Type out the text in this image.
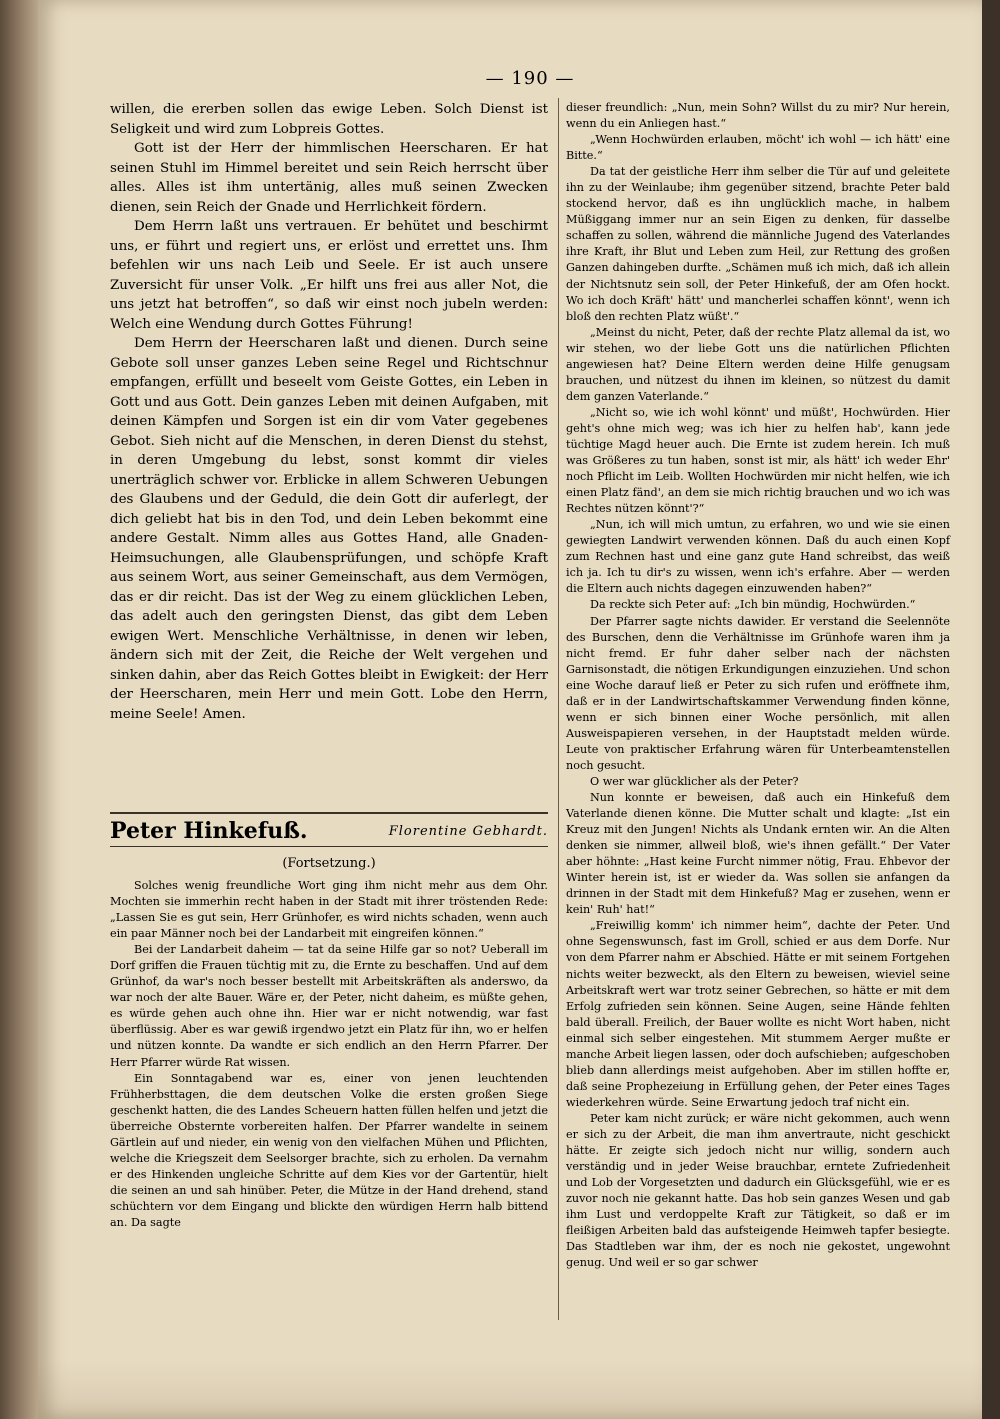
— 190 —

willen, die ererben sollen das ewige Leben. Solch Dienst ist Seligkeit und wird zum Lobpreis Gottes.

Gott ist der Herr der himmlischen Heerscharen. Er hat seinen Stuhl im Himmel bereitet und sein Reich herrscht über alles. Alles ist ihm untertänig, alles muß seinen Zwecken dienen, sein Reich der Gnade und Herrlichkeit fördern.

Dem Herrn laßt uns vertrauen. Er behütet und beschirmt uns, er führt und regiert uns, er erlöst und errettet uns. Ihm befehlen wir uns nach Leib und Seele. Er ist auch unsere Zuversicht für unser Volk. „Er hilft uns frei aus aller Not, die uns jetzt hat betroffen“, so daß wir einst noch jubeln werden: Welch eine Wendung durch Gottes Führung!

Dem Herrn der Heerscharen laßt und dienen. Durch seine Gebote soll unser ganzes Leben seine Regel und Richtschnur empfangen, erfüllt und beseelt vom Geiste Gottes, ein Leben in Gott und aus Gott. Dein ganzes Leben mit deinen Aufgaben, mit deinen Kämpfen und Sorgen ist ein dir vom Vater gegebenes Gebot. Sieh nicht auf die Menschen, in deren Dienst du stehst, in deren Umgebung du lebst, sonst kommt dir vieles unerträglich schwer vor. Erblicke in allem Schweren Uebungen des Glaubens und der Geduld, die dein Gott dir auferlegt, der dich geliebt hat bis in den Tod, und dein Leben bekommt eine andere Gestalt. Nimm alles aus Gottes Hand, alle Gnaden-Heimsuchungen, alle Glaubensprüfungen, und schöpfe Kraft aus seinem Wort, aus seiner Gemeinschaft, aus dem Vermögen, das er dir reicht. Das ist der Weg zu einem glücklichen Leben, das adelt auch den geringsten Dienst, das gibt dem Leben ewigen Wert. Menschliche Verhältnisse, in denen wir leben, ändern sich mit der Zeit, die Reiche der Welt vergehen und sinken dahin, aber das Reich Gottes bleibt in Ewigkeit: der Herr der Heerscharen, mein Herr und mein Gott. Lobe den Herrn, meine Seele! Amen.

Peter Hinkefuß.	Florentine Gebhardt.
(Fortsetzung.)

Solches wenig freundliche Wort ging ihm nicht mehr aus dem Ohr. Mochten sie immerhin recht haben in der Stadt mit ihrer tröstenden Rede: „Lassen Sie es gut sein, Herr Grünhofer, es wird nichts schaden, wenn auch ein paar Männer noch bei der Landarbeit mit eingreifen können.“

Bei der Landarbeit daheim — tat da seine Hilfe gar so not? Ueberall im Dorf griffen die Frauen tüchtig mit zu, die Ernte zu beschaffen. Und auf dem Grünhof, da war's noch besser bestellt mit Arbeitskräften als anderswo, da war noch der alte Bauer. Wäre er, der Peter, nicht daheim, es müßte gehen, es würde gehen auch ohne ihn. Hier war er nicht notwendig, war fast überflüssig. Aber es war gewiß irgendwo jetzt ein Platz für ihn, wo er helfen und nützen konnte. Da wandte er sich endlich an den Herrn Pfarrer. Der Herr Pfarrer würde Rat wissen.

Ein Sonntagabend war es, einer von jenen leuchtenden Frühherbsttagen, die dem deutschen Volke die ersten großen Siege geschenkt hatten, die des Landes Scheuern hatten füllen helfen und jetzt die überreiche Obsternte vorbereiten halfen. Der Pfarrer wandelte in seinem Gärtlein auf und nieder, ein wenig von den vielfachen Mühen und Pflichten, welche die Kriegszeit dem Seelsorger brachte, sich zu erholen. Da vernahm er des Hinkenden ungleiche Schritte auf dem Kies vor der Gartentür, hielt die seinen an und sah hinüber. Peter, die Mütze in der Hand drehend, stand schüchtern vor dem Eingang und blickte den würdigen Herrn halb bittend an. Da sagte

dieser freundlich: „Nun, mein Sohn? Willst du zu mir? Nur herein, wenn du ein Anliegen hast.“

„Wenn Hochwürden erlauben, möcht' ich wohl — ich hätt' eine Bitte.“

Da tat der geistliche Herr ihm selber die Tür auf und geleitete ihn zu der Weinlaube; ihm gegenüber sitzend, brachte Peter bald stockend hervor, daß es ihn unglücklich mache, in halbem Müßiggang immer nur an sein Eigen zu denken, für dasselbe schaffen zu sollen, während die männliche Jugend des Vaterlandes ihre Kraft, ihr Blut und Leben zum Heil, zur Rettung des großen Ganzen dahingeben durfte. „Schämen muß ich mich, daß ich allein der Nichtsnutz sein soll, der Peter Hinkefuß, der am Ofen hockt. Wo ich doch Kräft' hätt' und mancherlei schaffen könnt', wenn ich bloß den rechten Platz wüßt'.“

„Meinst du nicht, Peter, daß der rechte Platz allemal da ist, wo wir stehen, wo der liebe Gott uns die natürlichen Pflichten angewiesen hat? Deine Eltern werden deine Hilfe genugsam brauchen, und nützest du ihnen im kleinen, so nützest du damit dem ganzen Vaterlande.“

„Nicht so, wie ich wohl könnt' und müßt', Hochwürden. Hier geht's ohne mich weg; was ich hier zu helfen hab', kann jede tüchtige Magd heuer auch. Die Ernte ist zudem herein. Ich muß was Größeres zu tun haben, sonst ist mir, als hätt' ich weder Ehr' noch Pflicht im Leib. Wollten Hochwürden mir nicht helfen, wie ich einen Platz fänd', an dem sie mich richtig brauchen und wo ich was Rechtes nützen könnt'?“

„Nun, ich will mich umtun, zu erfahren, wo und wie sie einen gewiegten Landwirt verwenden können. Daß du auch einen Kopf zum Rechnen hast und eine ganz gute Hand schreibst, das weiß ich ja. Ich tu dir's zu wissen, wenn ich's erfahre. Aber — werden die Eltern auch nichts dagegen einzuwenden haben?“

Da reckte sich Peter auf: „Ich bin mündig, Hochwürden.“

Der Pfarrer sagte nichts dawider. Er verstand die Seelennöte des Burschen, denn die Verhältnisse im Grünhofe waren ihm ja nicht fremd. Er fuhr daher selber nach der nächsten Garnisonstadt, die nötigen Erkundigungen einzuziehen. Und schon eine Woche darauf ließ er Peter zu sich rufen und eröffnete ihm, daß er in der Landwirtschaftskammer Verwendung finden könne, wenn er sich binnen einer Woche persönlich, mit allen Ausweispapieren versehen, in der Hauptstadt melden würde. Leute von praktischer Erfahrung wären für Unterbeamtenstellen noch gesucht.

O wer war glücklicher als der Peter?

Nun konnte er beweisen, daß auch ein Hinkefuß dem Vaterlande dienen könne. Die Mutter schalt und klagte: „Ist ein Kreuz mit den Jungen! Nichts als Undank ernten wir. An die Alten denken sie nimmer, allweil bloß, wie's ihnen gefällt.“ Der Vater aber höhnte: „Hast keine Furcht nimmer nötig, Frau. Ehbevor der Winter herein ist, ist er wieder da. Was sollen sie anfangen da drinnen in der Stadt mit dem Hinkefuß? Mag er zusehen, wenn er kein' Ruh' hat!“

„Freiwillig komm' ich nimmer heim“, dachte der Peter. Und ohne Segenswunsch, fast im Groll, schied er aus dem Dorfe. Nur von dem Pfarrer nahm er Abschied. Hätte er mit seinem Fortgehen nichts weiter bezweckt, als den Eltern zu beweisen, wieviel seine Arbeitskraft wert war trotz seiner Gebrechen, so hätte er mit dem Erfolg zufrieden sein können. Seine Augen, seine Hände fehlten bald überall. Freilich, der Bauer wollte es nicht Wort haben, nicht einmal sich selber eingestehen. Mit stummem Aerger mußte er manche Arbeit liegen lassen, oder doch aufschieben; aufgeschoben blieb dann allerdings meist aufgehoben. Aber im stillen hoffte er, daß seine Prophezeiung in Erfüllung gehen, der Peter eines Tages wiederkehren würde. Seine Erwartung jedoch traf nicht ein.

Peter kam nicht zurück; er wäre nicht gekommen, auch wenn er sich zu der Arbeit, die man ihm anvertraute, nicht geschickt hätte. Er zeigte sich jedoch nicht nur willig, sondern auch verständig und in jeder Weise brauchbar, erntete Zufriedenheit und Lob der Vorgesetzten und dadurch ein Glücksgefühl, wie er es zuvor noch nie gekannt hatte. Das hob sein ganzes Wesen und gab ihm Lust und verdoppelte Kraft zur Tätigkeit, so daß er im fleißigen Arbeiten bald das aufsteigende Heimweh tapfer besiegte. Das Stadtleben war ihm, der es noch nie gekostet, ungewohnt genug. Und weil er so gar schwer
